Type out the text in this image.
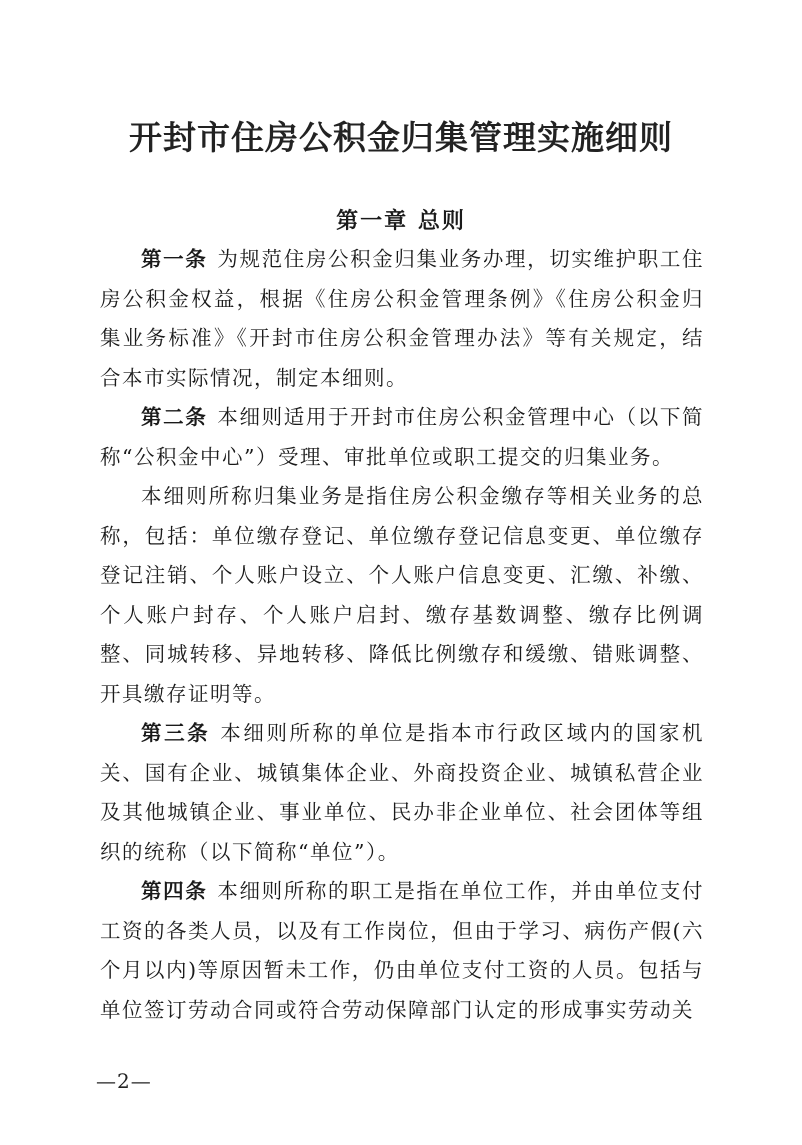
开封市住房公积金归集管理实施细则
第一章 总则

第一条 为规范住房公积金归集业务办理，切实维护职工住房公积金权益，根据《住房公积金管理条例》《住房公积金归集业务标准》《开封市住房公积金管理办法》等有关规定，结合本市实际情况，制定本细则。

第二条 本细则适用于开封市住房公积金管理中心（以下简称“公积金中心”）受理、审批单位或职工提交的归集业务。

本细则所称归集业务是指住房公积金缴存等相关业务的总称，包括：单位缴存登记、单位缴存登记信息变更、单位缴存登记注销、个人账户设立、个人账户信息变更、汇缴、补缴、个人账户封存、个人账户启封、缴存基数调整、缴存比例调整、同城转移、异地转移、降低比例缴存和缓缴、错账调整、开具缴存证明等。

第三条 本细则所称的单位是指本市行政区域内的国家机关、国有企业、城镇集体企业、外商投资企业、城镇私营企业及其他城镇企业、事业单位、民办非企业单位、社会团体等组织的统称（以下简称“单位”）。

第四条 本细则所称的职工是指在单位工作，并由单位支付工资的各类人员，以及有工作岗位，但由于学习、病伤产假(六个月以内)等原因暂未工作，仍由单位支付工资的人员。包括与单位签订劳动合同或符合劳动保障部门认定的形成事实劳动关

—2—
